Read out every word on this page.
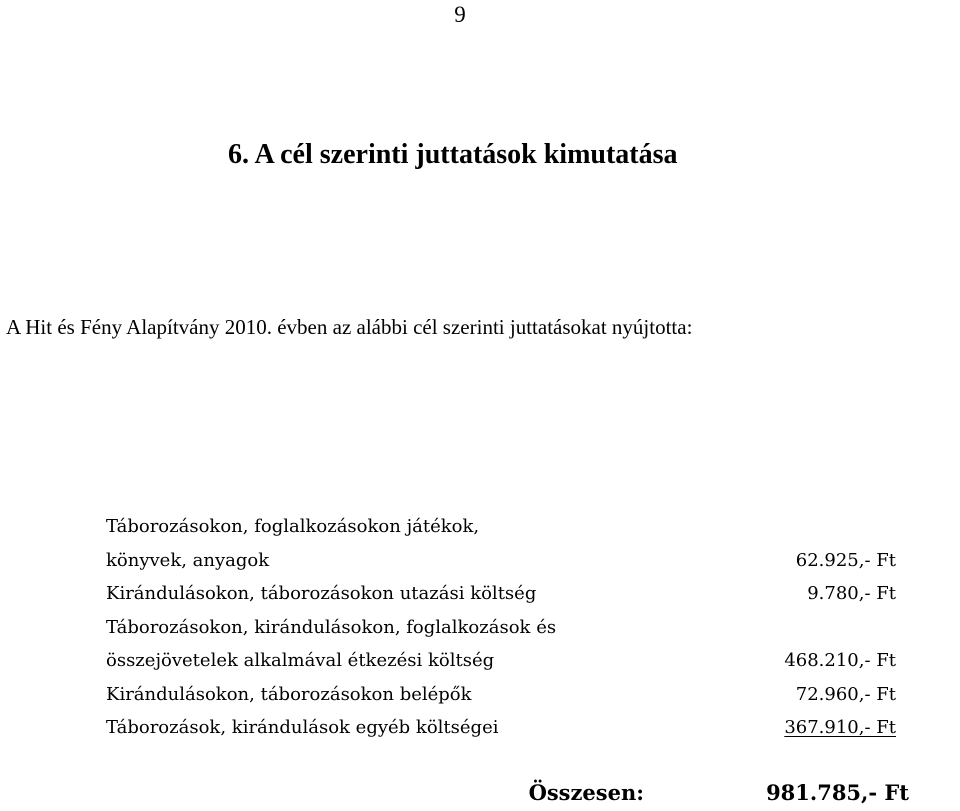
9
6. A cél szerinti juttatások kimutatása
A Hit és Fény Alapítvány 2010. évben az alábbi cél szerinti juttatásokat nyújtotta:
Táborozásokon, foglalkozásokon játékok,
könyvek, anyagok	62.925,- Ft
Kirándulásokon, táborozásokon utazási költség	9.780,- Ft
Táborozásokon, kirándulásokon, foglalkozások és
összejövetelek alkalmával étkezési költség	468.210,- Ft
Kirándulásokon, táborozásokon belépők	72.960,- Ft
Táborozások, kirándulások egyéb költségei	367.910,- Ft
Összesen:	981.785,- Ft
